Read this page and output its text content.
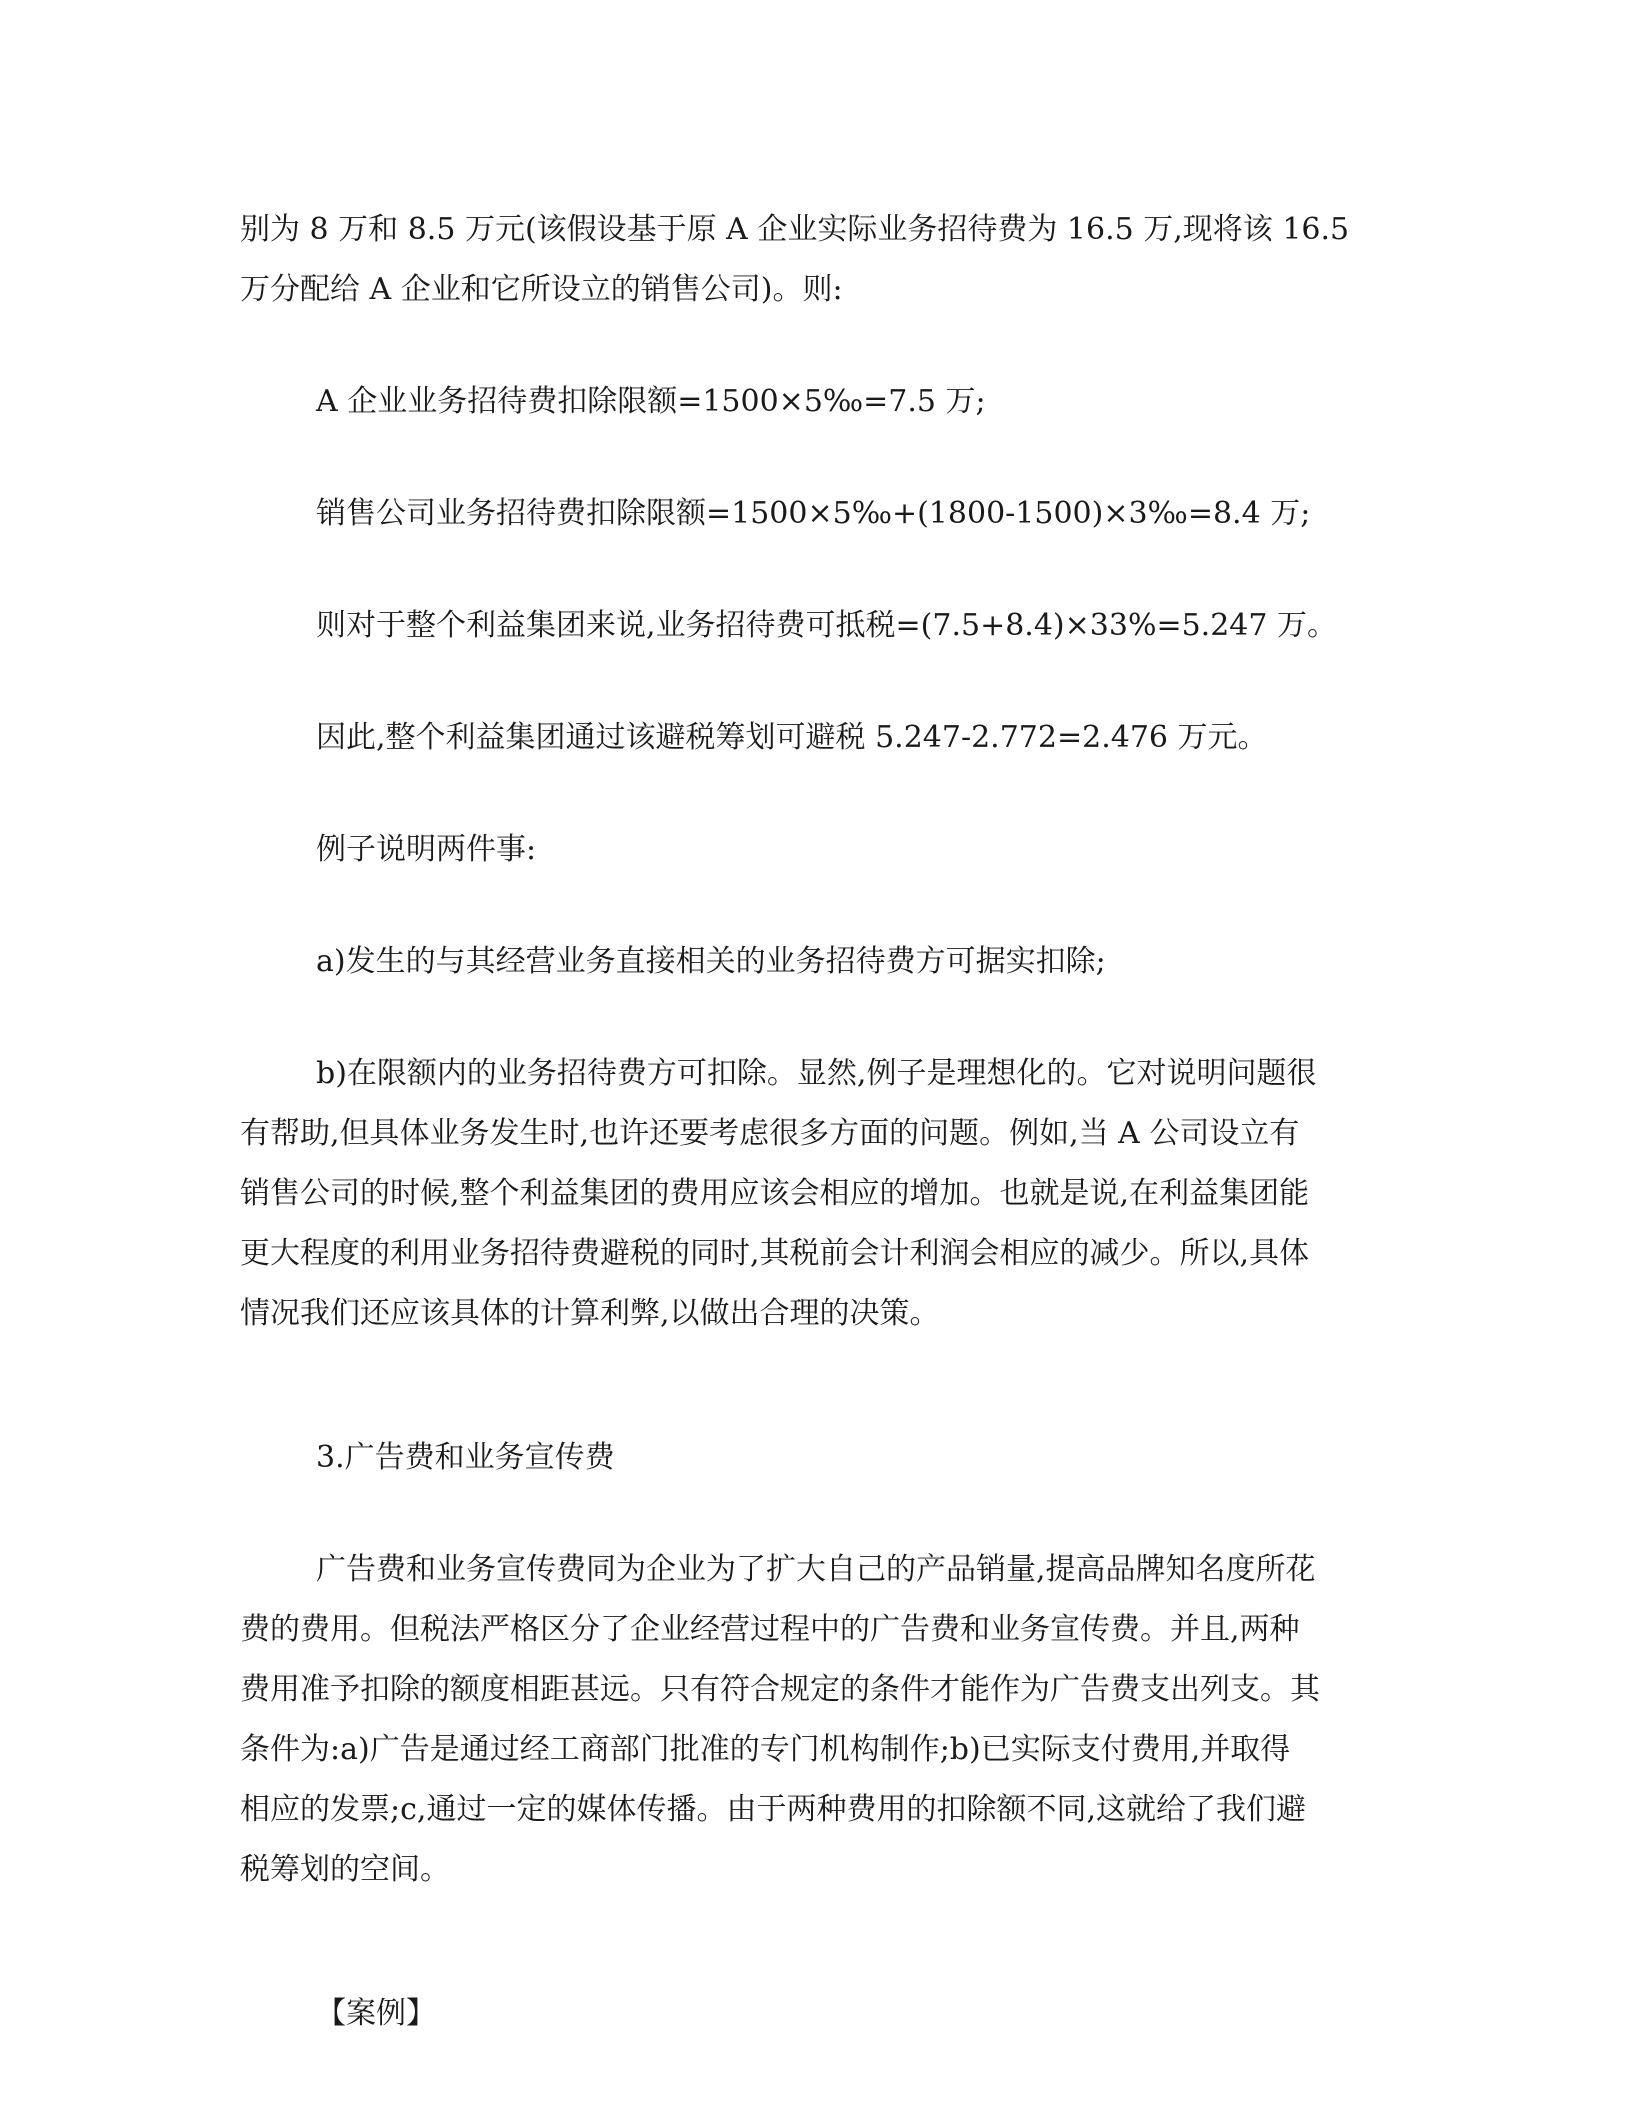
别为 8 万和 8.5 万元(该假设基于原 A 企业实际业务招待费为 16.5 万,现将该 16.5

万分配给 A 企业和它所设立的销售公司)。则:

A 企业业务招待费扣除限额=1500×5‰=7.5 万;

销售公司业务招待费扣除限额=1500×5‰+(1800-1500)×3‰=8.4 万;

则对于整个利益集团来说,业务招待费可抵税=(7.5+8.4)×33%=5.247 万。

因此,整个利益集团通过该避税筹划可避税 5.247-2.772=2.476 万元。

例子说明两件事:

a)发生的与其经营业务直接相关的业务招待费方可据实扣除;

b)在限额内的业务招待费方可扣除。显然,例子是理想化的。它对说明问题很

有帮助,但具体业务发生时,也许还要考虑很多方面的问题。例如,当 A 公司设立有

销售公司的时候,整个利益集团的费用应该会相应的增加。也就是说,在利益集团能

更大程度的利用业务招待费避税的同时,其税前会计利润会相应的减少。所以,具体

情况我们还应该具体的计算利弊,以做出合理的决策。

3.广告费和业务宣传费

广告费和业务宣传费同为企业为了扩大自己的产品销量,提高品牌知名度所花

费的费用。但税法严格区分了企业经营过程中的广告费和业务宣传费。并且,两种

费用准予扣除的额度相距甚远。只有符合规定的条件才能作为广告费支出列支。其

条件为:a)广告是通过经工商部门批准的专门机构制作;b)已实际支付费用,并取得

相应的发票;c,通过一定的媒体传播。由于两种费用的扣除额不同,这就给了我们避

税筹划的空间。

【案例】
